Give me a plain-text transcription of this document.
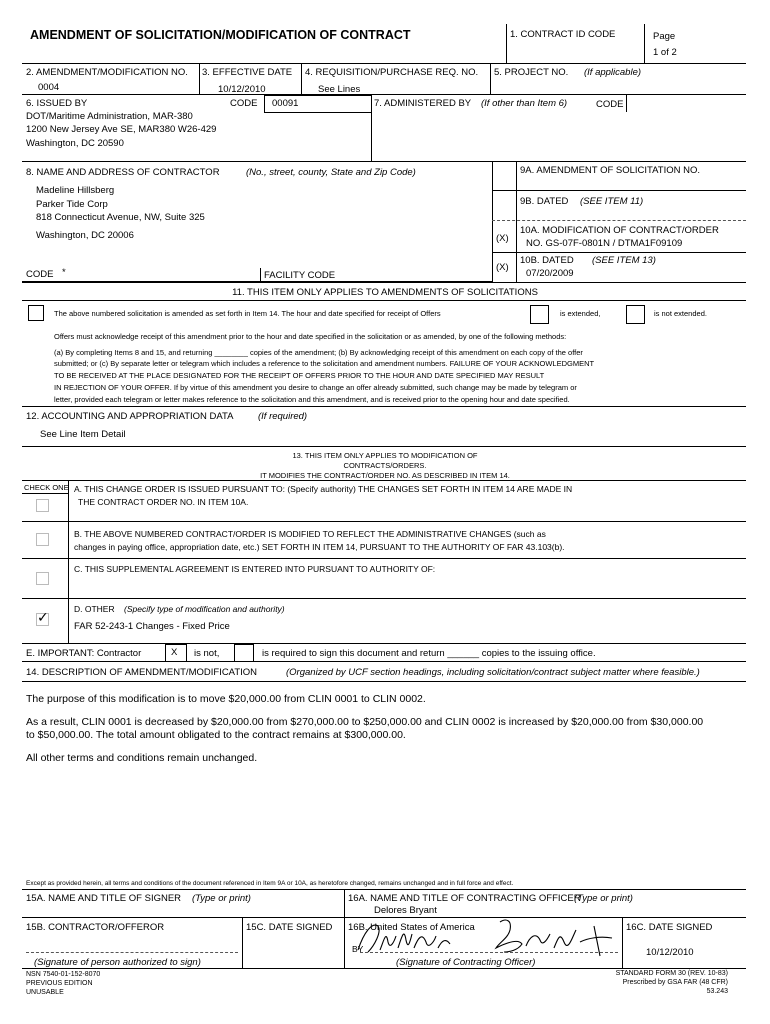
AMENDMENT OF SOLICITATION/MODIFICATION OF CONTRACT	1. CONTRACT ID CODE	Page
1 of 2
2. AMENDMENT/MODIFICATION NO.
0004
3. EFFECTIVE DATE
10/12/2010
4. REQUISITION/PURCHASE REQ. NO.
See Lines
5. PROJECT NO. (If applicable)
6. ISSUED BY	CODE 00091	7. ADMINISTERED BY (If other than Item 6)	CODE
DOT/Maritime Administration, MAR-380
1200 New Jersey Ave SE, MAR380 W26-429
Washington, DC 20590
8. NAME AND ADDRESS OF CONTRACTOR	(No., street, county, State and Zip Code)
Madeline Hillsberg
Parker Tide Corp
818 Connecticut Avenue, NW, Suite 325
Washington, DC 20006
CODE *	FACILITY CODE
9A. AMENDMENT OF SOLICITATION NO.
9B. DATED (SEE ITEM 11)
(X)
10A. MODIFICATION OF CONTRACT/ORDER
NO. GS-07F-0801N / DTMA1F09109
(X)
10B. DATED (SEE ITEM 13)
07/20/2009
11. THIS ITEM ONLY APPLIES TO AMENDMENTS OF SOLICITATIONS
The above numbered solicitation is amended as set forth in Item 14. The hour and date specified for receipt of Offers	is extended,	is not extended.
Offers must acknowledge receipt of this amendment prior to the hour and date specified in the solicitation or as amended, by one of the following methods:
(a) By completing Items 8 and 15, and returning ________ copies of the amendment; (b) By acknowledging receipt of this amendment on each copy of the offer
submitted; or (c) By separate letter or telegram which includes a reference to the solicitation and amendment numbers. FAILURE OF YOUR ACKNOWLEDGMENT
TO BE RECEIVED AT THE PLACE DESIGNATED FOR THE RECEIPT OF OFFERS PRIOR TO THE HOUR AND DATE SPECIFIED MAY RESULT
IN REJECTION OF YOUR OFFER. If by virtue of this amendment you desire to change an offer already submitted, such change may be made by telegram or
letter, provided each telegram or letter makes reference to the solicitation and this amendment, and is received prior to the opening hour and date specified.
12. ACCOUNTING AND APPROPRIATION DATA	(If required)
See Line Item Detail
13. THIS ITEM ONLY APPLIES TO MODIFICATION OF
CONTRACTS/ORDERS.
IT MODIFIES THE CONTRACT/ORDER NO. AS DESCRIBED IN ITEM 14.
CHECK ONE A. THIS CHANGE ORDER IS ISSUED PURSUANT TO: (Specify authority) THE CHANGES SET FORTH IN ITEM 14 ARE MADE IN
THE CONTRACT ORDER NO. IN ITEM 10A.
B. THE ABOVE NUMBERED CONTRACT/ORDER IS MODIFIED TO REFLECT THE ADMINISTRATIVE CHANGES (such as
changes in paying office, appropriation date, etc.) SET FORTH IN ITEM 14, PURSUANT TO THE AUTHORITY OF FAR 43.103(b).
C. THIS SUPPLEMENTAL AGREEMENT IS ENTERED INTO PURSUANT TO AUTHORITY OF:
✓	D. OTHER (Specify type of modification and authority)
FAR 52-243-1 Changes - Fixed Price
E. IMPORTANT: Contractor	X is not,	is required to sign this document and return ______ copies to the issuing office.
14. DESCRIPTION OF AMENDMENT/MODIFICATION	(Organized by UCF section headings, including solicitation/contract subject matter where feasible.)
The purpose of this modification is to move $20,000.00 from CLIN 0001 to CLIN 0002.
As a result, CLIN 0001 is decreased by $20,000.00 from $270,000.00 to $250,000.00 and CLIN 0002 is increased by $20,000.00 from $30,000.00 to $50,000.00. The total amount obligated to the contract remains at $300,000.00.
All other terms and conditions remain unchanged.
Except as provided herein, all terms and conditions of the document referenced in Item 9A or 10A, as heretofore changed, remains unchanged and in full force and effect.
15A. NAME AND TITLE OF SIGNER (Type or print)	16A. NAME AND TITLE OF CONTRACTING OFFICER
(Type or print)
Delores Bryant
15B. CONTRACTOR/OFFEROR	15C. DATE SIGNED 16B. United States of America	16C. DATE SIGNED
10/12/2010
BY
(Signature of person authorized to sign)	(Signature of Contracting Officer)
NSN 7540-01-152-8070
PREVIOUS EDITION
UNUSABLE
STANDARD FORM 30 (REV. 10-83)
Prescribed by GSA FAR (48 CFR)
53.243
